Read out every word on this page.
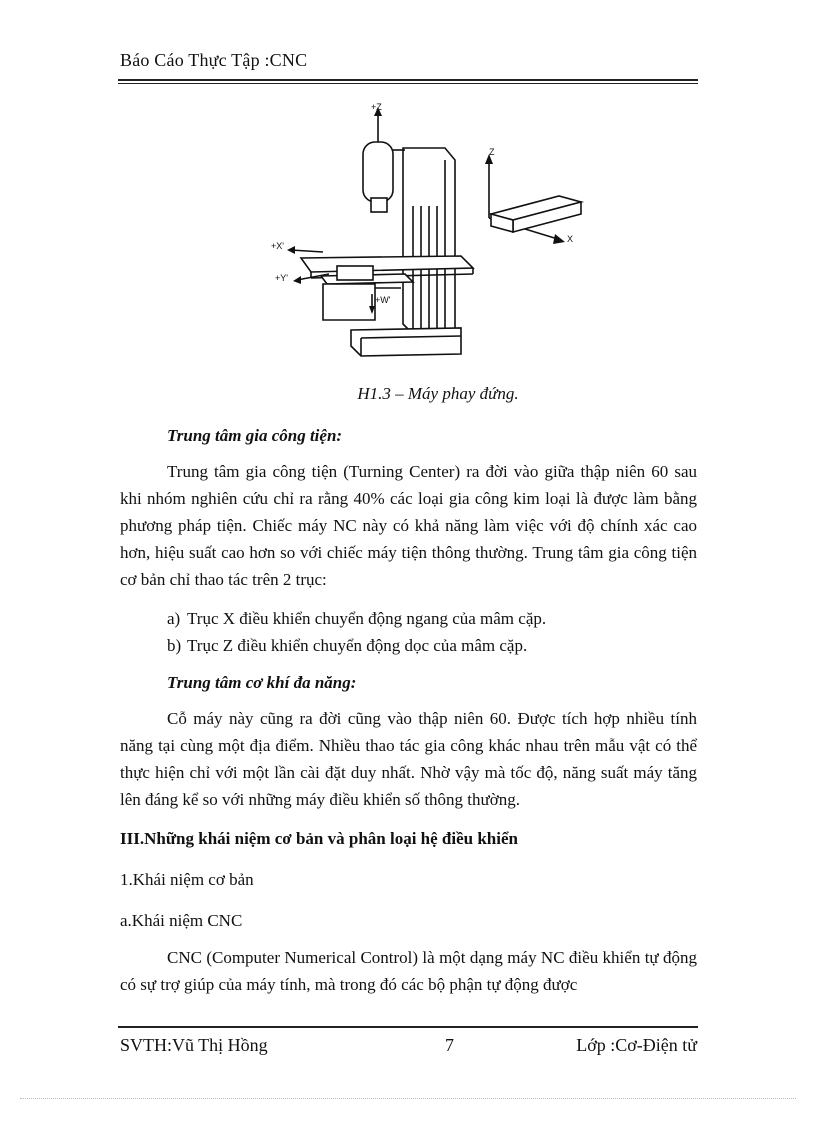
Báo Cáo Thực Tập :CNC
+Z
+X'
+Y'
+W'
Z
X
H1.3 – Máy phay đứng.

Trung tâm gia công tiện:

Trung tâm gia công tiện (Turning Center) ra đời vào giữa thập niên 60 sau khi nhóm nghiên cứu chỉ ra rằng 40% các loại gia công kim loại là được làm bằng phương pháp tiện. Chiếc máy NC này có khả năng làm việc với độ chính xác cao hơn, hiệu suất cao hơn so với chiếc máy tiện thông thường. Trung tâm gia công tiện cơ bản chỉ thao tác trên 2 trục:

a) Trục X điều khiển chuyển động ngang của mâm cặp.

b) Trục Z điều khiển chuyển động dọc của mâm cặp.

Trung tâm cơ khí đa năng:

Cỗ máy này cũng ra đời cũng vào thập niên 60. Được tích hợp nhiều tính năng tại cùng một địa điểm. Nhiều thao tác gia công khác nhau trên mẫu vật có thể thực hiện chỉ với một lần cài đặt duy nhất. Nhờ vậy mà tốc độ, năng suất máy tăng lên đáng kể so với những máy điều khiển số thông thường.

III.Những khái niệm cơ bản và phân loại hệ điều khiển

1.Khái niệm cơ bản

a.Khái niệm CNC

CNC (Computer Numerical Control) là một dạng máy NC điều khiển tự động có sự trợ giúp của máy tính, mà trong đó các bộ phận tự động được

SVTH:Vũ Thị Hồng	7	Lớp :Cơ-Điện tử
